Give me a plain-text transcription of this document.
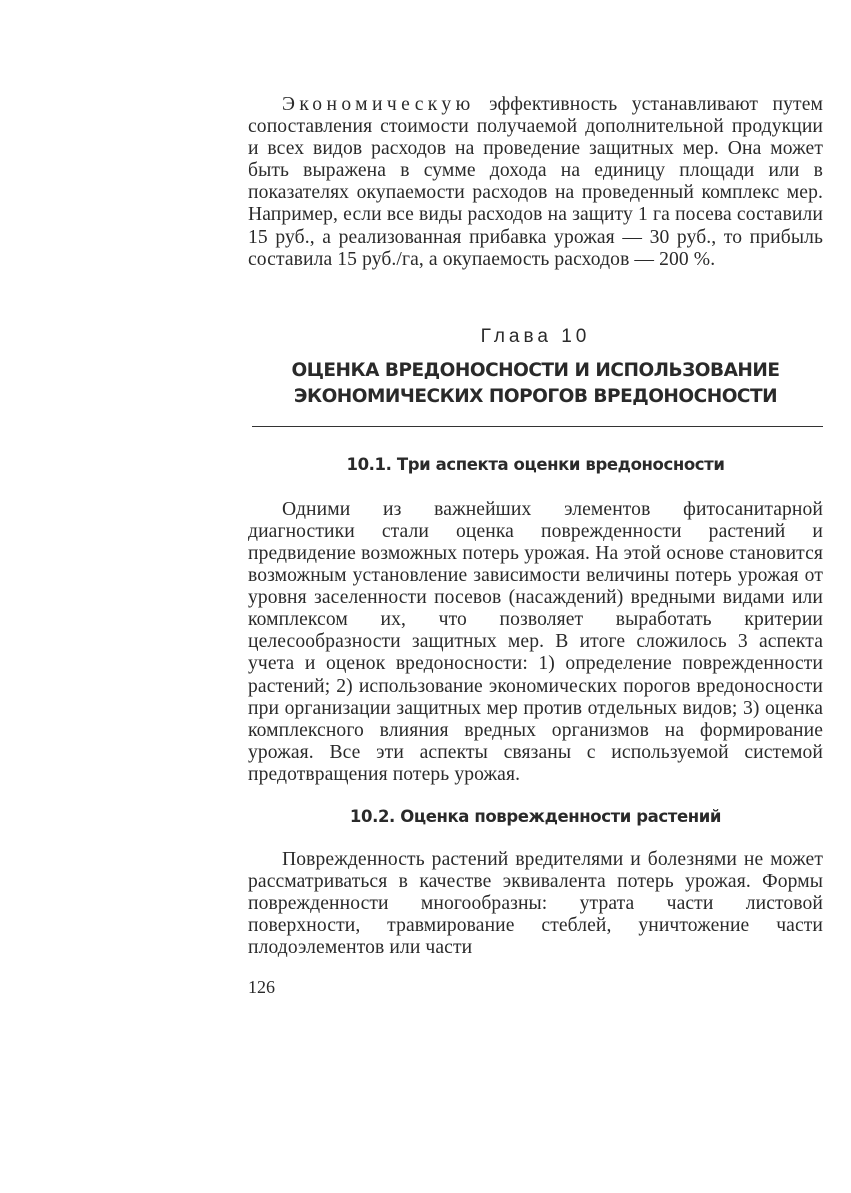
Экономическую эффективность устанавливают путем сопоставления стоимости получаемой дополнительной продукции и всех видов расходов на проведение защитных мер. Она может быть выражена в сумме дохода на единицу площади или в показателях окупаемости расходов на проведенный комплекс мер. Например, если все виды расходов на защиту 1 га посева составили 15 руб., а реализованная прибавка урожая — 30 руб., то прибыль составила 15 руб./га, а окупаемость расходов — 200 %.

Глава 10
ОЦЕНКА ВРЕДОНОСНОСТИ И ИСПОЛЬЗОВАНИЕ
ЭКОНОМИЧЕСКИХ ПОРОГОВ ВРЕДОНОСНОСТИ
10.1. Три аспекта оценки вредоносности

Одними из важнейших элементов фитосанитарной диагностики стали оценка поврежденности растений и предвидение возможных потерь урожая. На этой основе становится возможным установление зависимости величины потерь урожая от уровня заселенности посевов (насаждений) вредными видами или комплексом их, что позволяет выработать критерии целесообразности защитных мер. В итоге сложилось 3 аспекта учета и оценок вредоносности: 1) определение поврежденности растений; 2) использование экономических порогов вредоносности при организации защитных мер против отдельных видов; 3) оценка комплексного влияния вредных организмов на формирование урожая. Все эти аспекты связаны с используемой системой предотвращения потерь урожая.

10.2. Оценка поврежденности растений

Поврежденность растений вредителями и болезнями не может рассматриваться в качестве эквивалента потерь урожая. Формы поврежденности многообразны: утрата части листовой поверхности, травмирование стеблей, уничтожение части плодоэлементов или части

126
